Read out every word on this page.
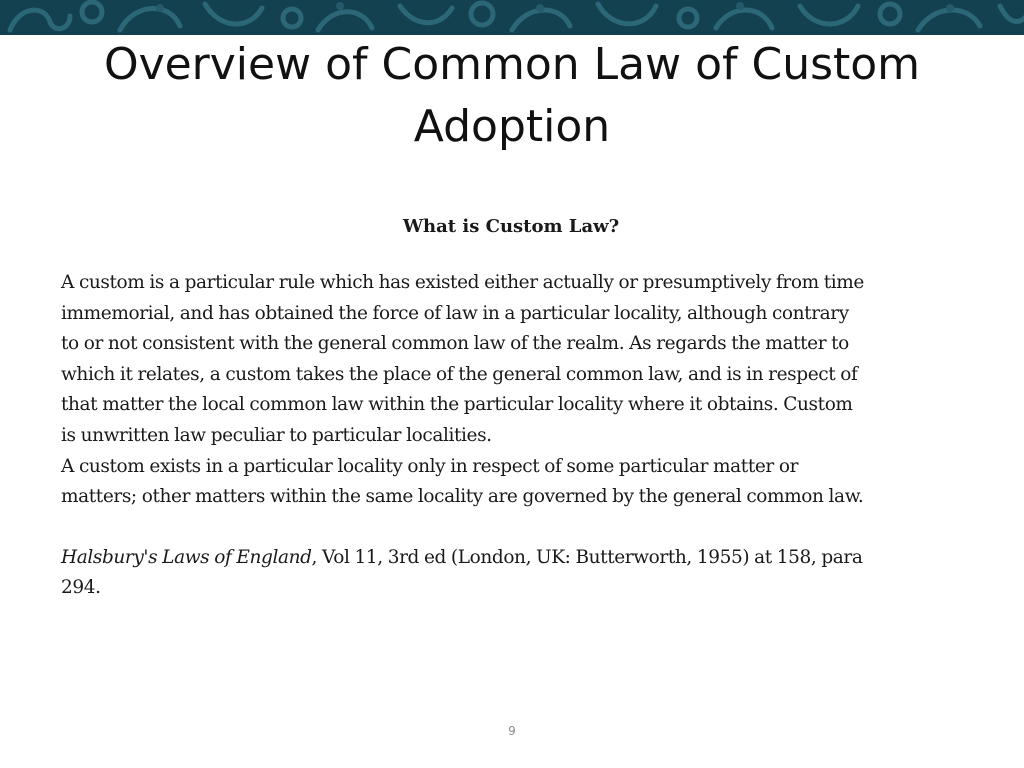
Overview of Common Law of Custom
Adoption
What is Custom Law?

A custom is a particular rule which has existed either actually or presumptively from time
immemorial, and has obtained the force of law in a particular locality, although contrary
to or not consistent with the general common law of the realm. As regards the matter to
which it relates, a custom takes the place of the general common law, and is in respect of
that matter the local common law within the particular locality where it obtains. Custom
is unwritten law peculiar to particular localities.

A custom exists in a particular locality only in respect of some particular matter or
matters; other matters within the same locality are governed by the general common law.

Halsbury's Laws of England, Vol 11, 3rd ed (London, UK: Butterworth, 1955) at 158, para
294.

9
